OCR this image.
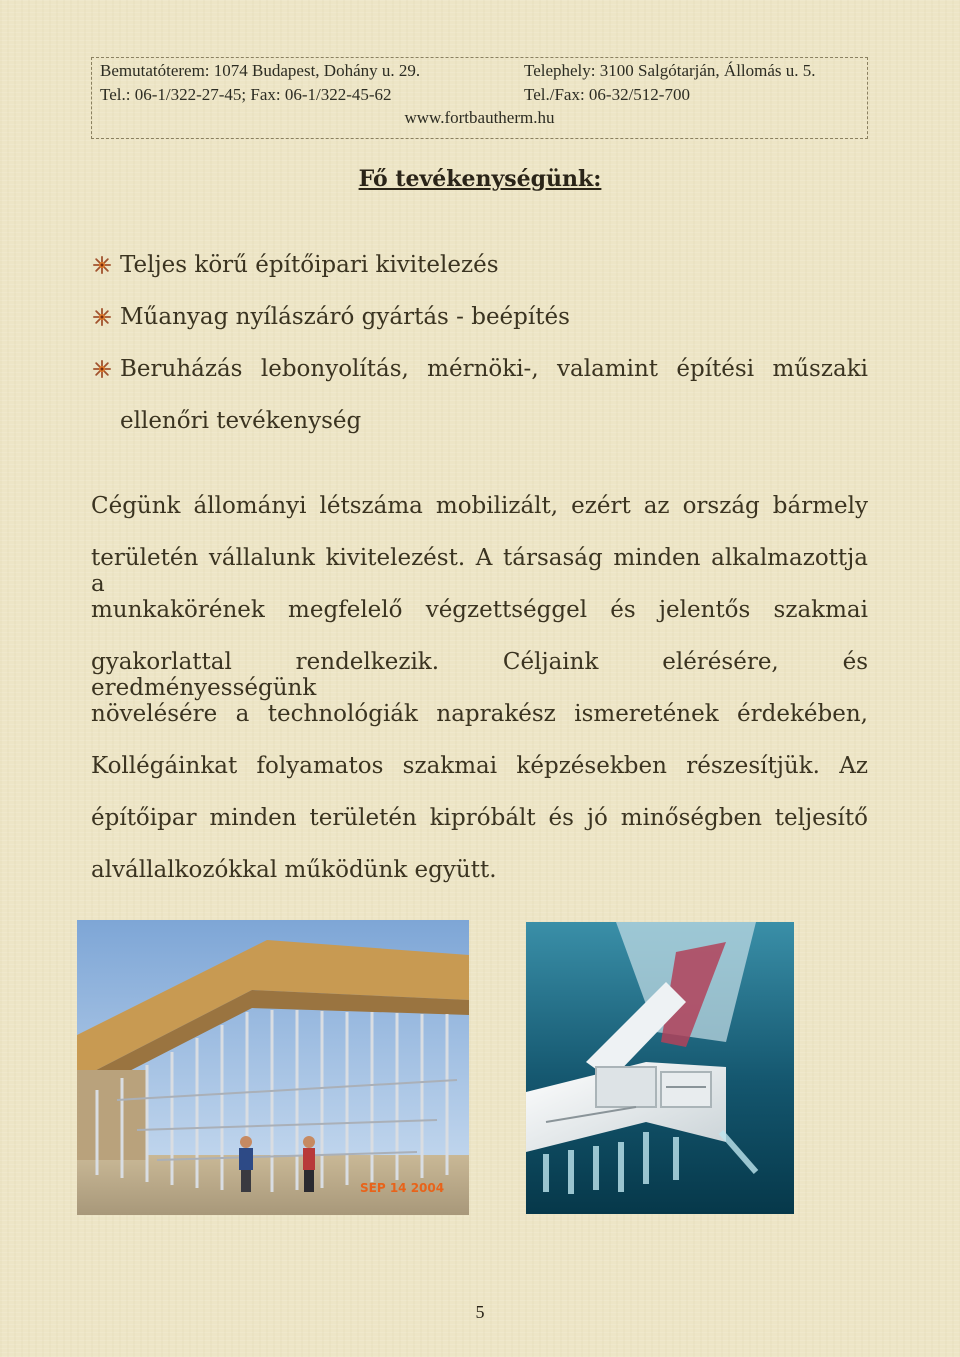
Bemutatóterem: 1074 Budapest, Dohány u. 29.	Telephely: 3100 Salgótarján, Állomás u. 5.
Tel.: 06-1/322-27-45; Fax: 06-1/322-45-62	Tel./Fax: 06-32/512-700
www.fortbautherm.hu
Fő tevékenységünk:
Teljes körű építőipari kivitelezés
Műanyag nyílászáró gyártás - beépítés
Beruházás lebonyolítás, mérnöki-, valamint építési műszaki
ellenőri tevékenység
Cégünk állományi létszáma mobilizált, ezért az ország bármely
területén vállalunk kivitelezést. A társaság minden alkalmazottja a
munkakörének megfelelő végzettséggel és jelentős szakmai
gyakorlattal rendelkezik. Céljaink elérésére, és eredményességünk
növelésére a technológiák naprakész ismeretének érdekében,
Kollégáinkat folyamatos szakmai képzésekben részesítjük. Az
építőipar minden területén kipróbált és jó minőségben teljesítő
alvállalkozókkal működünk együtt.
SEP 14 2004
5
